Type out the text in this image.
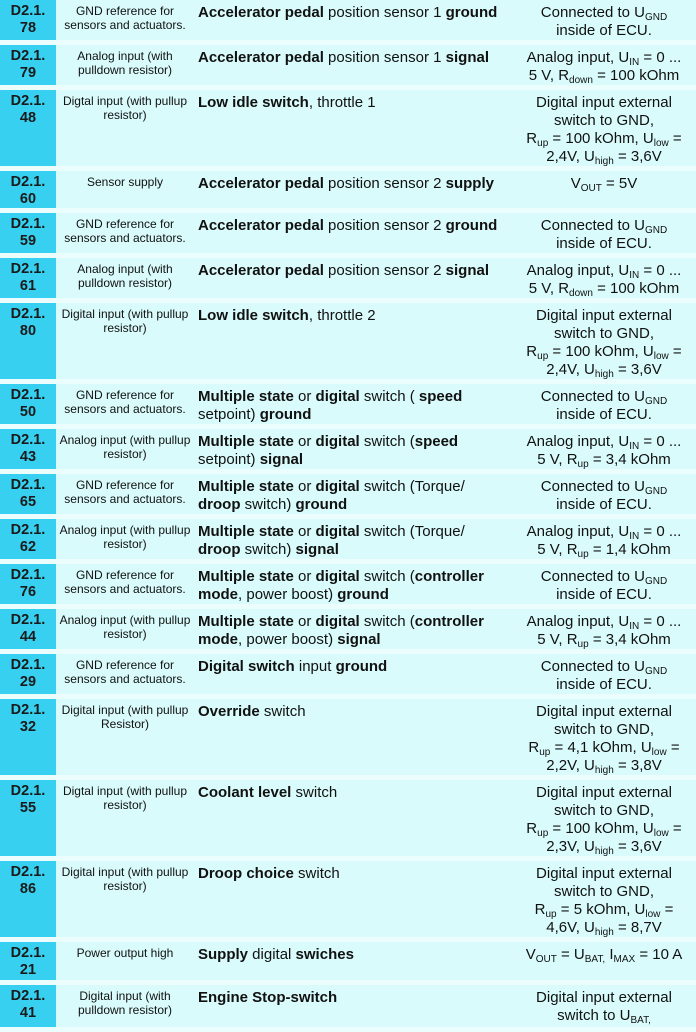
D2.1.
78	GND reference for sensors and actuators.	Accelerator pedal position sensor 1 ground	Connected to $U_{GND}$
inside of ECU.

D2.1.
79	Analog input (with pulldown resistor)	Accelerator pedal position sensor 1 signal	Analog input, $U_{IN} = 0$ ...
5 V, $R_{down} = 100$ kOhm

D2.1.
48	Digtal input (with pullup resistor)	Low idle switch, throttle 1	Digital input external
switch to GND,
$R_{up} = 100$ kOhm, $U_{low}$ =
2,4V, $U_{high} = 3,6V$

D2.1.
60	Sensor supply	Accelerator pedal position sensor 2 supply	$V_{OUT} = 5V$

D2.1.
59	GND reference for sensors and actuators.	Accelerator pedal position sensor 2 ground	Connected to $U_{GND}$
inside of ECU.

D2.1.
61	Analog input (with pulldown resistor)	Accelerator pedal position sensor 2 signal	Analog input, $U_{IN} = 0$ ...
5 V, $R_{down} = 100$ kOhm

D2.1.
80	Digital input (with pullup resistor)	Low idle switch, throttle 2	Digital input external
switch to GND,
$R_{up} = 100$ kOhm, $U_{low}$ =
2,4V, $U_{high} = 3,6V$

D2.1.
50	GND reference for sensors and actuators.	Multiple state or digital switch ( speed setpoint) ground	Connected to $U_{GND}$
inside of ECU.

D2.1.
43	Analog input (with pullup resistor)	Multiple state or digital switch (speed setpoint) signal	Analog input, $U_{IN} = 0$ ...
5 V, $R_{up} = 3,4$ kOhm

D2.1.
65	GND reference for sensors and actuators.	Multiple state or digital switch (Torque/ droop switch) ground	Connected to $U_{GND}$
inside of ECU.

D2.1.
62	Analog input (with pullup resistor)	Multiple state or digital switch (Torque/ droop switch) signal	Analog input, $U_{IN} = 0$ ...
5 V, $R_{up} = 1,4$ kOhm

D2.1.
76	GND reference for sensors and actuators.	Multiple state or digital switch (controller mode, power boost) ground	Connected to $U_{GND}$
inside of ECU.

D2.1.
44	Analog input (with pullup resistor)	Multiple state or digital switch (controller mode, power boost) signal	Analog input, $U_{IN} = 0$ ...
5 V, $R_{up} = 3,4$ kOhm

D2.1.
29	GND reference for sensors and actuators.	Digital switch input ground	Connected to $U_{GND}$
inside of ECU.

D2.1.
32	Digital input (with pullup Resistor)	Override switch	Digital input external
switch to GND,
$R_{up} = 4,1$ kOhm, $U_{low}$ =
2,2V, $U_{high} = 3,8V$

D2.1.
55	Digtal input (with pullup resistor)	Coolant level switch	Digital input external
switch to GND,
$R_{up} = 100$ kOhm, $U_{low}$ =
2,3V, $U_{high} = 3,6V$

D2.1.
86	Digital input (with pullup resistor)	Droop choice switch	Digital input external
switch to GND,
$R_{up} = 5$ kOhm, $U_{low}$ =
4,6V, $U_{high} = 8,7V$

D2.1.
21	Power output high	Supply digital swiches	$V_{OUT} = U_{BAT,}$ $I_{MAX} = 10$ A

D2.1.
41	Digital input (with pulldown resistor)	Engine Stop-switch	Digital input external
switch to $U_{BAT,}$
